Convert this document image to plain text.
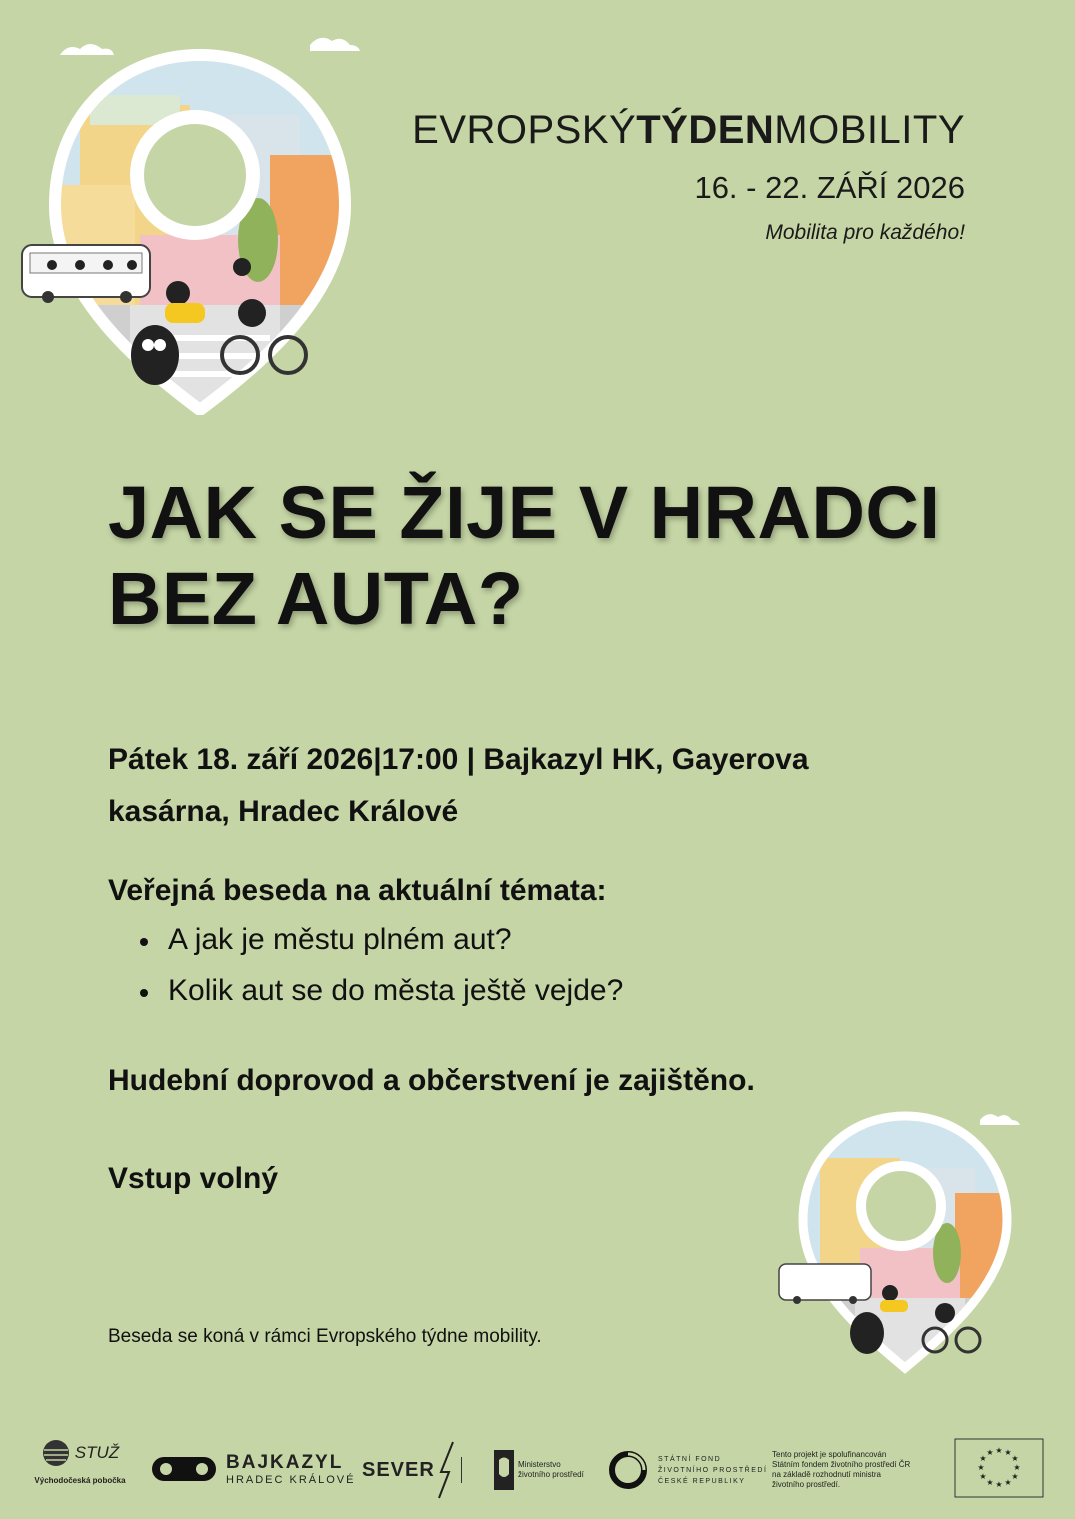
EVROPSKÝTÝDENMOBILITY
16. - 22. ZÁŘÍ 2026
Mobilita pro každého!
JAK SE ŽIJE V HRADCI
BEZ AUTA?
Pátek 18. září 2026|17:00 | Bajkazyl HK, Gayerova
kasárna, Hradec Králové
Veřejná beseda na aktuální témata:
A jak je městu plném aut?
Kolik aut se do města ještě vejde?
Hudební doprovod a občerstvení je zajištěno.
Vstup volný
Beseda se koná v rámci Evropského týdne mobility.
STUŽ
Východočeská pobočka
BAJKAZYL
HRADEC KRÁLOVÉ SEVER	Ministerstvo
životního prostředí
STÁTNÍ FOND
ŽIVOTNÍHO PROSTŘEDÍ
ČESKÉ REPUBLIKY
Tento projekt je spolufinancován
Státním fondem životního prostředí ČR
na základě rozhodnutí ministra
životního prostředí.
★ ★
★
★
★
★
★
★
★
★
★
★
